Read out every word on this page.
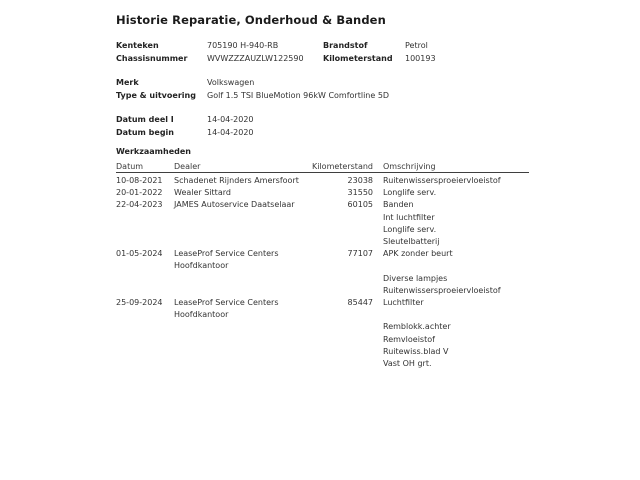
Historie Reparatie, Onderhoud & Banden
Kenteken	705190 H-940-RB	Brandstof	Petrol
Chassisnummer	WVWZZZAUZLW122590	Kilometerstand	100193
Merk	Volkswagen
Type & uitvoering	Golf 1.5 TSI BlueMotion 96kW Comfortline 5D
Datum deel I	14-04-2020
Datum begin	14-04-2020
Werkzaamheden
Datum	Dealer	Kilometerstand Omschrijving
10-08-2021	Schadenet Rijnders Amersfoort	23038 Ruitenwissersproeiervloeistof
20-01-2022	Wealer Sittard	31550 Longlife serv.
22-04-2023	JAMES Autoservice Daatselaar	60105 Banden
Int luchtfilter
Longlife serv.
Sleutelbatterij
01-05-2024	LeaseProf Service Centers
Hoofdkantoor
77107 APK zonder beurt

Diverse lampjes
Ruitenwissersproeiervloeistof
25-09-2024	LeaseProf Service Centers
Hoofdkantoor
85447 Luchtfilter

Remblokk.achter
Remvloeistof
Ruitewiss.blad V
Vast OH grt.
